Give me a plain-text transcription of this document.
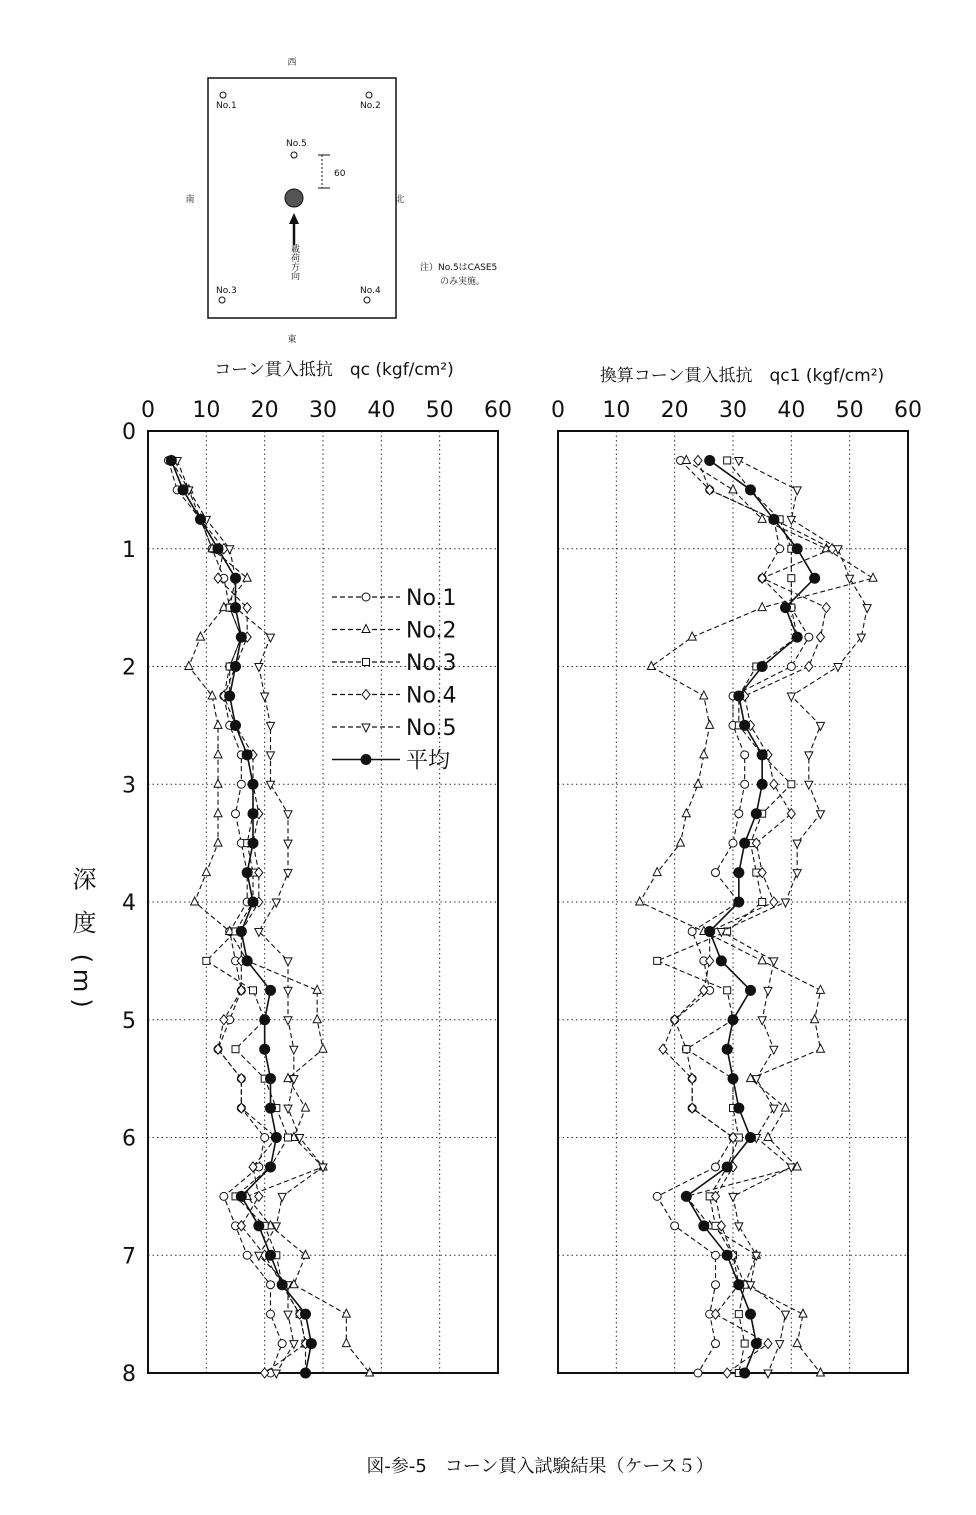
西
東
南	北
No.1	No.2
No.3	No.4
No.5
60
載荷方向	注）No.5はCASE5
のみ実施。
コーン貫入抵抗　qc (kgf/cm²)	換算コーン貫入抵抗　qc1 (kgf/cm²)
深 度 (m)
0 10 20 30 40 50 60
0
1
2
3
4
5
6
7
8
0 10 20 30 40 50 60
No.1
No.2
No.3
No.4
No.5
平均
図-参-5　コーン貫入試験結果（ケース５）
